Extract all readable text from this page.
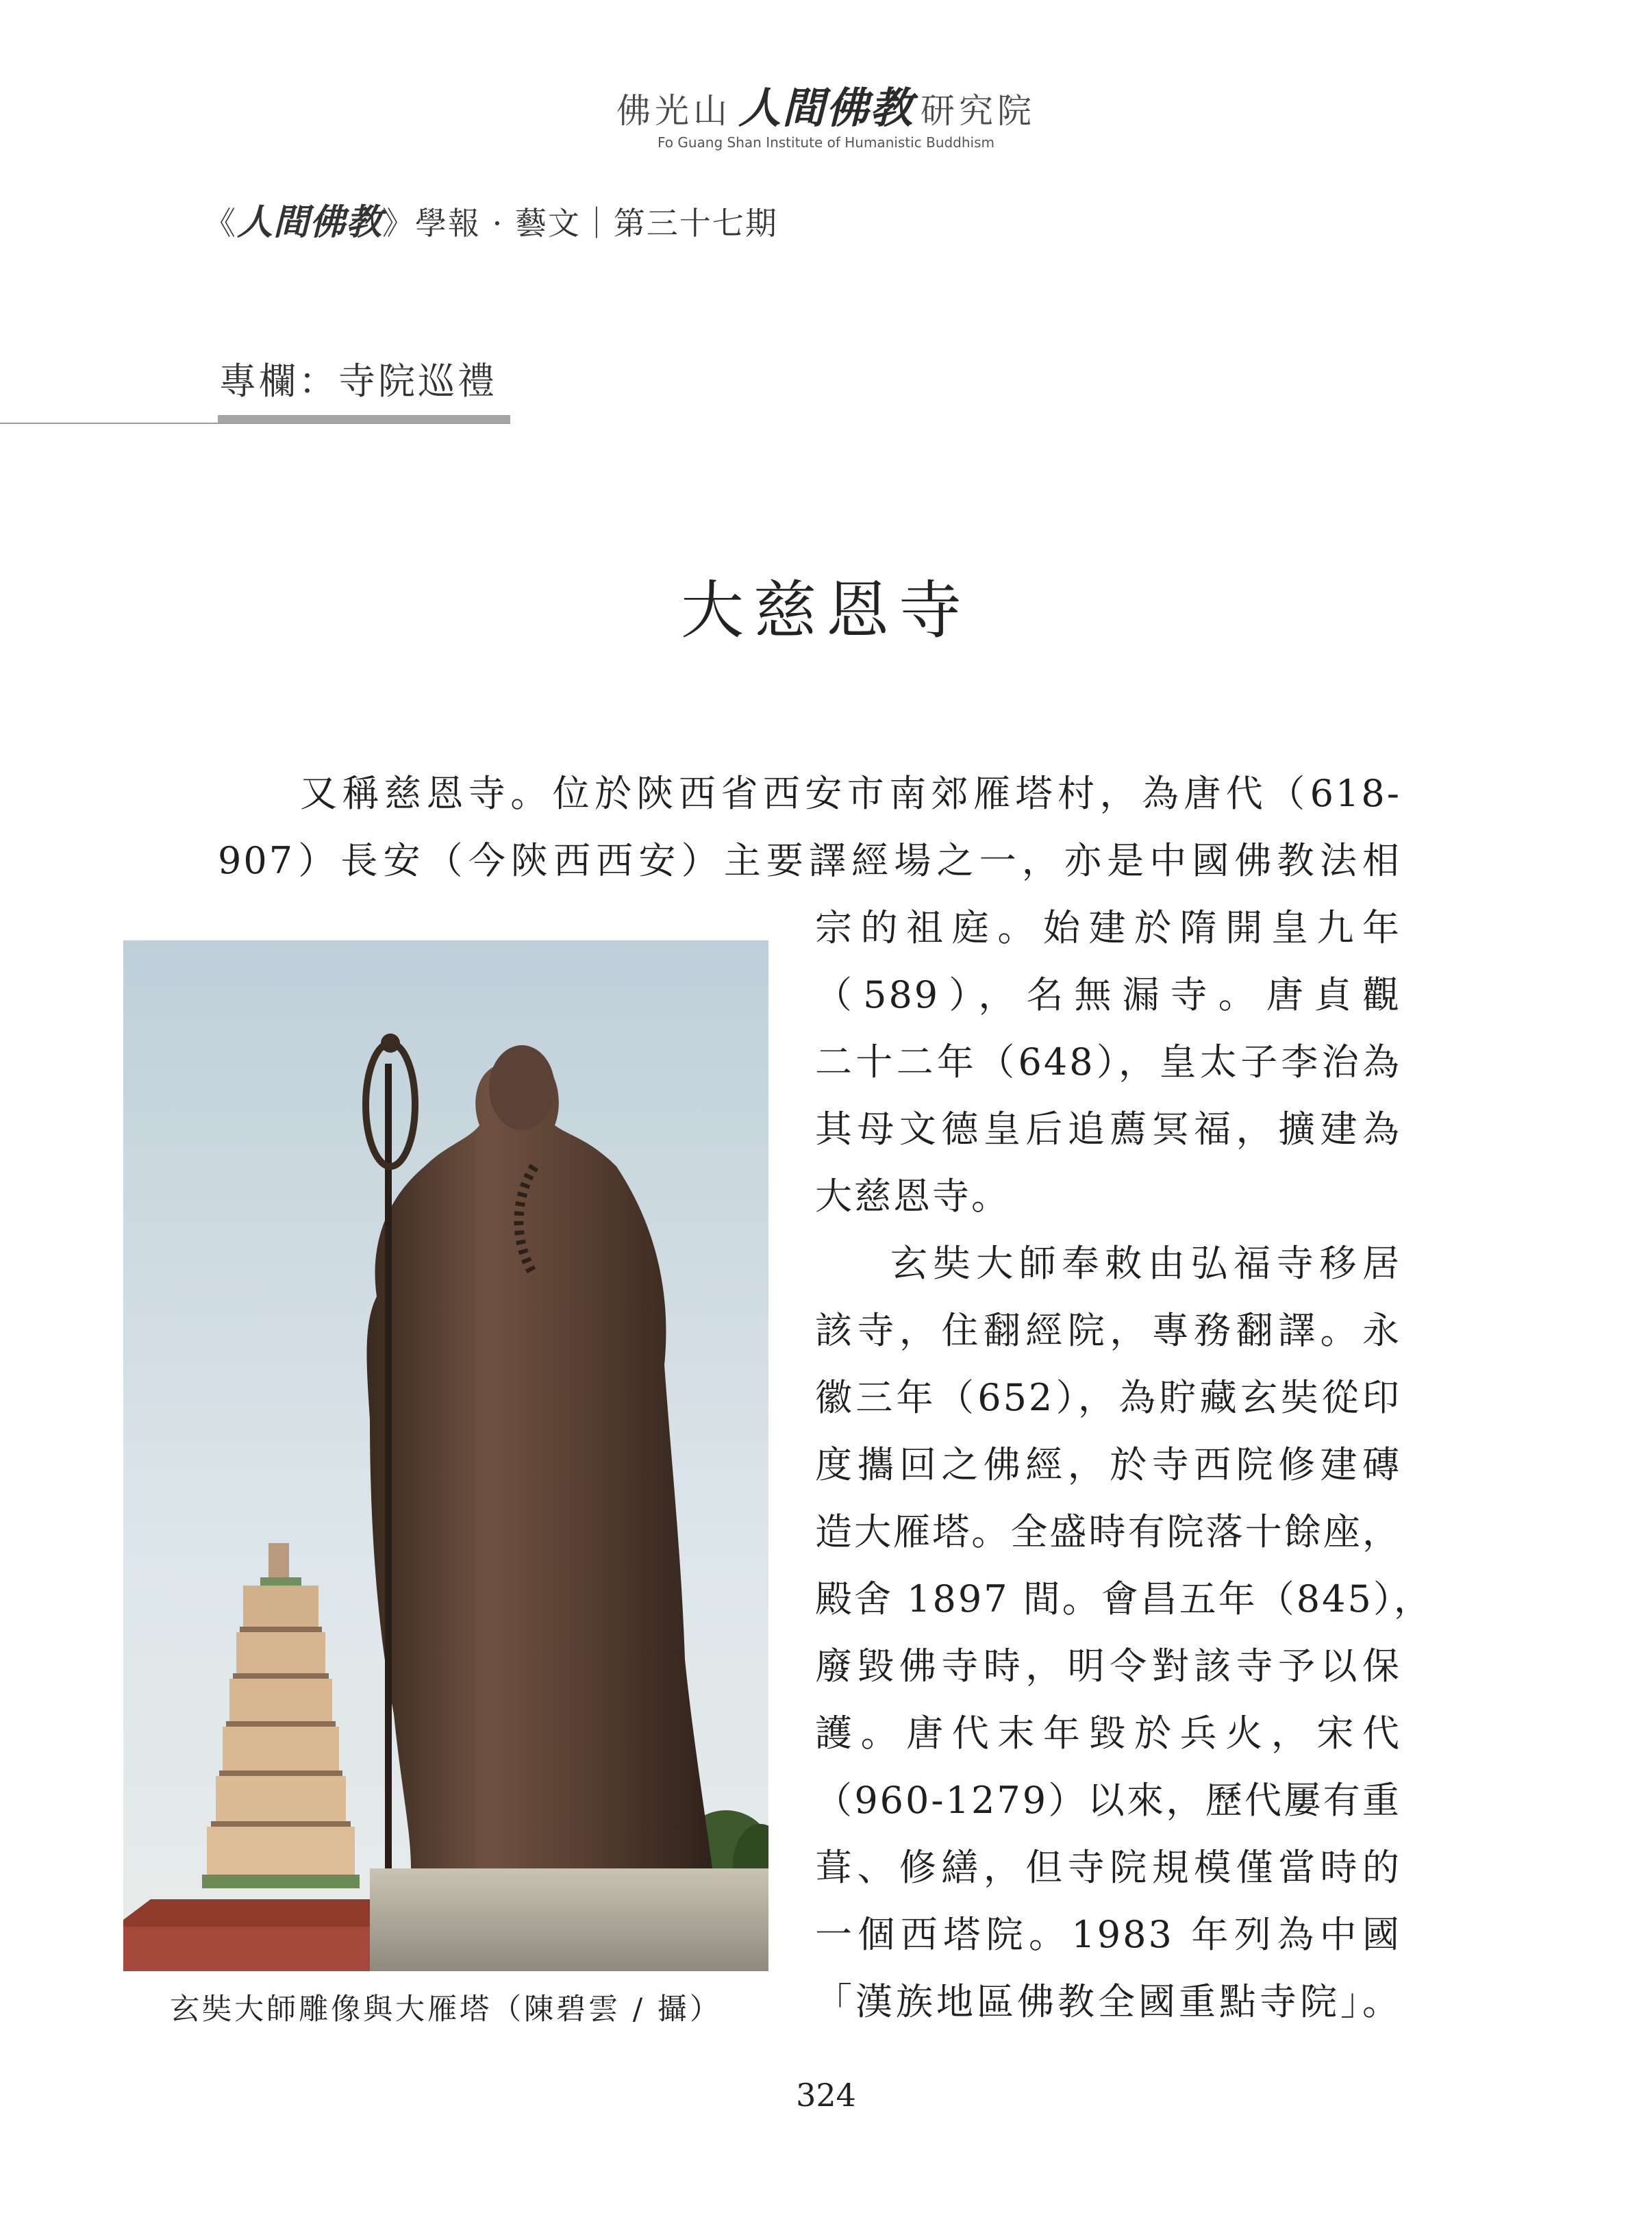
佛光山 人間佛教 研究院
Fo Guang Shan Institute of Humanistic Buddhism
《人間佛教》學報 · 藝文｜第三十七期
專欄：寺院巡禮
大慈恩寺
又稱慈恩寺。位於陝西省西安市南郊雁塔村，為唐代（618-
907）長安（今陝西西安）主要譯經場之一，亦是中國佛教法相
宗的祖庭。始建於隋開皇九年
（589），名無漏寺。唐貞觀
二十二年（648），皇太子李治為
其母文德皇后追薦冥福，擴建為
大慈恩寺。
玄奘大師奉敕由弘福寺移居
該寺，住翻經院，專務翻譯。永
徽三年（652），為貯藏玄奘從印
度攜回之佛經，於寺西院修建磚
造大雁塔。全盛時有院落十餘座，
殿舍 1897 間。會昌五年（845），
廢毀佛寺時，明令對該寺予以保
護。唐代末年毀於兵火，宋代
（960-1279）以來，歷代屢有重
葺、修繕，但寺院規模僅當時的
一個西塔院。1983 年列為中國
「漢族地區佛教全國重點寺院」。
玄奘大師雕像與大雁塔（陳碧雲 / 攝）
324
